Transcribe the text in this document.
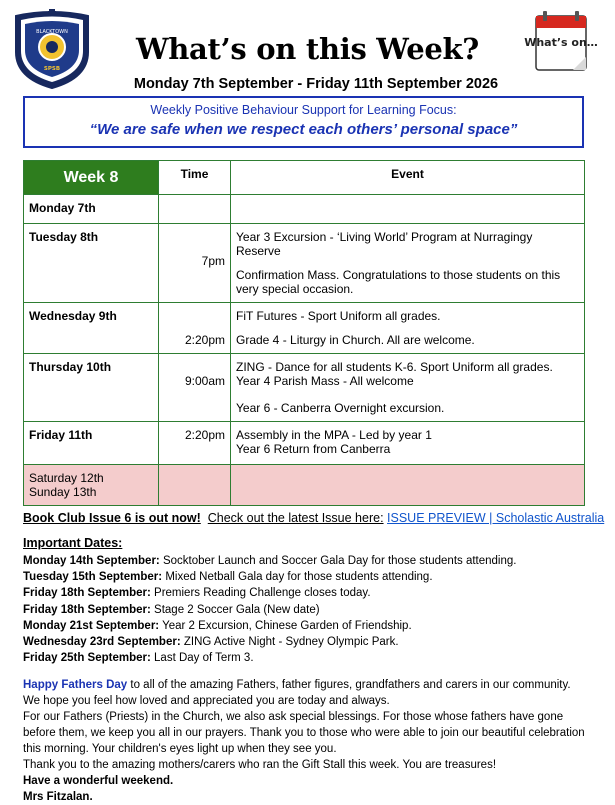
BLACKTOWN
SPSB
What’s on…
What’s on this Week?
Monday 7th September - Friday 11th September 2026
Weekly Positive Behaviour Support for Learning Focus:
“We are safe when we respect each others’ personal space”
Week 8	Time	Event
Monday 7th		
Tuesday 8th	7pm	Year 3 Excursion - ‘Living World’ Program at Nurragingy Reserve
Confirmation Mass. Congratulations to those students on this very special occasion.

Wednesday 9th	2:20pm	FiT Futures - Sport Uniform all grades.
Grade 4 - Liturgy in Church. All are welcome.

Thursday 10th	9:00am	ZING - Dance for all students K-6. Sport Uniform all grades.
Year 4 Parish Mass - All welcome
Year 6 - Canberra Overnight excursion.

Friday 11th	2:20pm	Assembly in the MPA - Led by year 1
Year 6 Return from Canberra

Saturday 12th
Sunday 13th		

Book Club Issue 6 is out now! Check out the latest Issue here: ISSUE PREVIEW | Scholastic Australia
Important Dates:
Monday 14th September: Socktober Launch and Soccer Gala Day for those students attending.
Tuesday 15th September: Mixed Netball Gala day for those students attending.
Friday 18th September: Premiers Reading Challenge closes today.
Friday 18th September: Stage 2 Soccer Gala (New date)
Monday 21st September: Year 2 Excursion, Chinese Garden of Friendship.
Wednesday 23rd September: ZING Active Night - Sydney Olympic Park.
Friday 25th September: Last Day of Term 3.
Happy Fathers Day to all of the amazing Fathers, father figures, grandfathers and carers in our community.
We hope you feel how loved and appreciated you are today and always.
For our Fathers (Priests) in the Church, we also ask special blessings. For those whose fathers have gone before them, we keep you all in our prayers. Thank you to those who were able to join our beautiful celebration this morning. Your children's eyes light up when they see you.
Thank you to the amazing mothers/carers who ran the Gift Stall this week. You are treasures!
Have a wonderful weekend.
Mrs Fitzalan.
